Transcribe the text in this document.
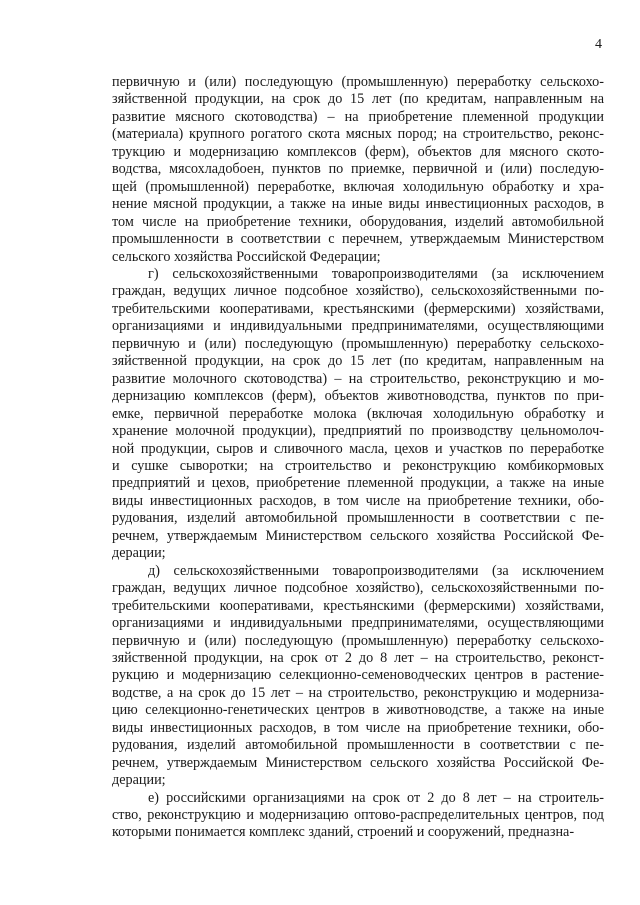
4
первичную и (или) последующую (промышленную) переработку сельскохо-
зяйственной продукции, на срок до 15 лет (по кредитам, направленным на
развитие мясного скотоводства) – на приобретение племенной продукции
(материала) крупного рогатого скота мясных пород; на строительство, реконс-
трукцию и модернизацию комплексов (ферм), объектов для мясного ското-
водства, мясохладобоен, пунктов по приемке, первичной и (или) последую-
щей (промышленной) переработке, включая холодильную обработку и хра-
нение мясной продукции, а также на иные виды инвестиционных расходов, в
том числе на приобретение техники, оборудования, изделий автомобильной
промышленности в соответствии с перечнем, утверждаемым Министерством
сельского хозяйства Российской Федерации;
г) сельскохозяйственными товаропроизводителями (за исключением
граждан, ведущих личное подсобное хозяйство), сельскохозяйственными по-
требительскими кооперативами, крестьянскими (фермерскими) хозяйствами,
организациями и индивидуальными предпринимателями, осуществляющими
первичную и (или) последующую (промышленную) переработку сельскохо-
зяйственной продукции, на срок до 15 лет (по кредитам, направленным на
развитие молочного скотоводства) – на строительство, реконструкцию и мо-
дернизацию комплексов (ферм), объектов животноводства, пунктов по при-
емке, первичной переработке молока (включая холодильную обработку и
хранение молочной продукции), предприятий по производству цельномолоч-
ной продукции, сыров и сливочного масла, цехов и участков по переработке
и сушке сыворотки; на строительство и реконструкцию комбикормовых
предприятий и цехов, приобретение племенной продукции, а также на иные
виды инвестиционных расходов, в том числе на приобретение техники, обо-
рудования, изделий автомобильной промышленности в соответствии с пе-
речнем, утверждаемым Министерством сельского хозяйства Российской Фе-
дерации;
д) сельскохозяйственными товаропроизводителями (за исключением
граждан, ведущих личное подсобное хозяйство), сельскохозяйственными по-
требительскими кооперативами, крестьянскими (фермерскими) хозяйствами,
организациями и индивидуальными предпринимателями, осуществляющими
первичную и (или) последующую (промышленную) переработку сельскохо-
зяйственной продукции, на срок от 2 до 8 лет – на строительство, реконст-
рукцию и модернизацию селекционно-семеноводческих центров в растение-
водстве, а на срок до 15 лет – на строительство, реконструкцию и модерниза-
цию селекционно-генетических центров в животноводстве, а также на иные
виды инвестиционных расходов, в том числе на приобретение техники, обо-
рудования, изделий автомобильной промышленности в соответствии с пе-
речнем, утверждаемым Министерством сельского хозяйства Российской Фе-
дерации;
е) российскими организациями на срок от 2 до 8 лет – на строитель-
ство, реконструкцию и модернизацию оптово-распределительных центров, под
которыми понимается комплекс зданий, строений и сооружений, предназна-
